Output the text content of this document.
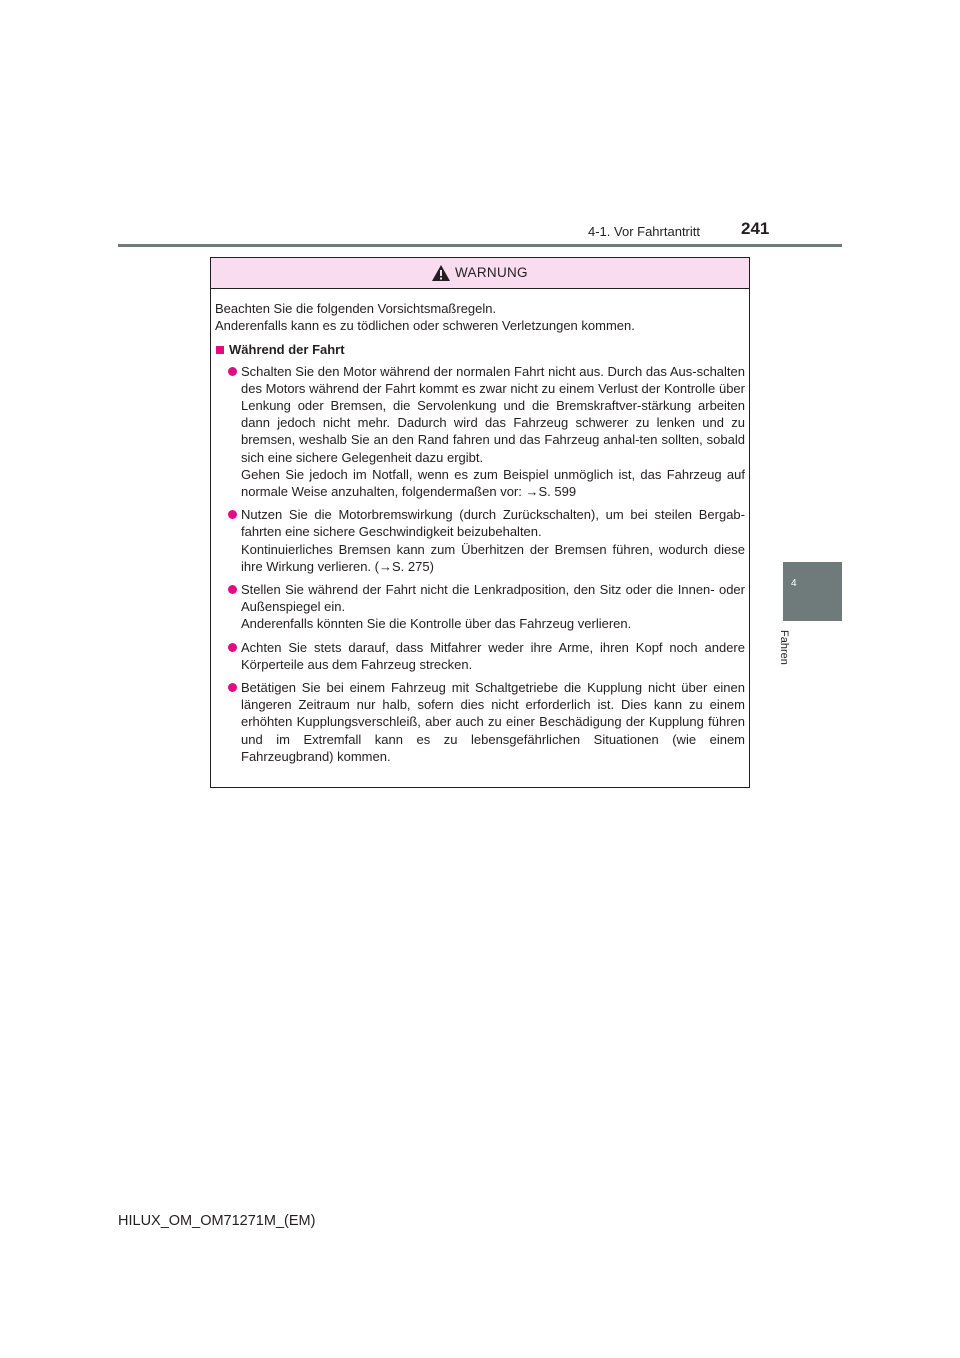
4-1. Vor Fahrtantritt 241
4
Fahren
WARNUNG

Beachten Sie die folgenden Vorsichtsmaßregeln.

Anderenfalls kann es zu tödlichen oder schweren Verletzungen kommen.

Während der Fahrt

Schalten Sie den Motor während der normalen Fahrt nicht aus. Durch das Aus-schalten des Motors während der Fahrt kommt es zwar nicht zu einem Verlust der Kontrolle über Lenkung oder Bremsen, die Servolenkung und die Bremskraftver-stärkung arbeiten dann jedoch nicht mehr. Dadurch wird das Fahrzeug schwerer zu lenken und zu bremsen, weshalb Sie an den Rand fahren und das Fahrzeug anhal-ten sollten, sobald sich eine sichere Gelegenheit dazu ergibt.

Gehen Sie jedoch im Notfall, wenn es zum Beispiel unmöglich ist, das Fahrzeug auf normale Weise anzuhalten, folgendermaßen vor: →S. 599

Nutzen Sie die Motorbremswirkung (durch Zurückschalten), um bei steilen Bergab-fahrten eine sichere Geschwindigkeit beizubehalten.

Kontinuierliches Bremsen kann zum Überhitzen der Bremsen führen, wodurch diese ihre Wirkung verlieren. (→S. 275)

Stellen Sie während der Fahrt nicht die Lenkradposition, den Sitz oder die Innen- oder Außenspiegel ein.

Anderenfalls könnten Sie die Kontrolle über das Fahrzeug verlieren.

Achten Sie stets darauf, dass Mitfahrer weder ihre Arme, ihren Kopf noch andere Körperteile aus dem Fahrzeug strecken.

Betätigen Sie bei einem Fahrzeug mit Schaltgetriebe die Kupplung nicht über einen längeren Zeitraum nur halb, sofern dies nicht erforderlich ist. Dies kann zu einem erhöhten Kupplungsverschleiß, aber auch zu einer Beschädigung der Kupplung führen und im Extremfall kann es zu lebensgefährlichen Situationen (wie einem Fahrzeugbrand) kommen.

HILUX_OM_OM71271M_(EM)
